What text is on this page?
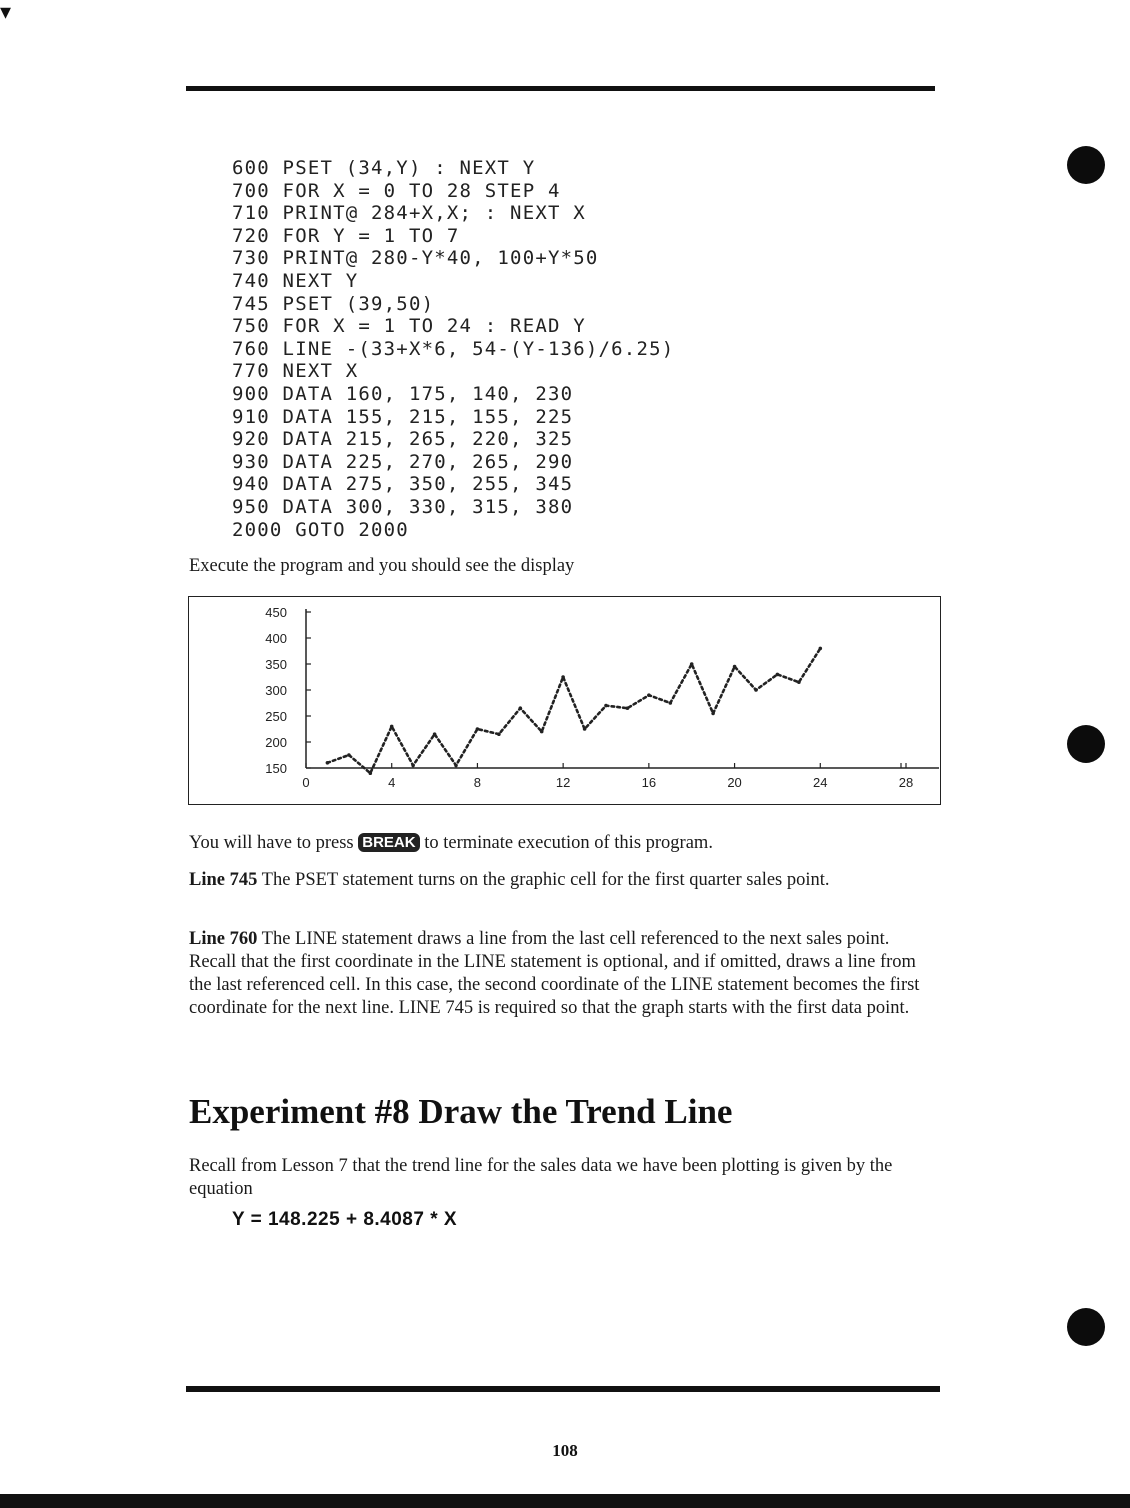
▾
600 PSET (34,Y) : NEXT Y
700 FOR X = 0 TO 28 STEP 4
710 PRINT@ 284+X,X; : NEXT X
720 FOR Y = 1 TO 7
730 PRINT@ 280-Y*40, 100+Y*50
740 NEXT Y
745 PSET (39,50)
750 FOR X = 1 TO 24 : READ Y
760 LINE -(33+X*6, 54-(Y-136)/6.25)
770 NEXT X
900 DATA 160, 175, 140, 230
910 DATA 155, 215, 155, 225
920 DATA 215, 265, 220, 325
930 DATA 225, 270, 265, 290
940 DATA 275, 350, 255, 345
950 DATA 300, 330, 315, 380
2000 GOTO 2000
Execute the program and you should see the display
450
400
350
300
250
200
150
0	4	8	12	16	20	24	28
You will have to press BREAK to terminate execution of this program.
Line 745 The PSET statement turns on the graphic cell for the first quarter sales point.
Line 760 The LINE statement draws a line from the last cell referenced to the next sales point. Recall that the first coordinate in the LINE statement is optional, and if omitted, draws a line from the last referenced cell. In this case, the second coordinate of the LINE statement becomes the first coordinate for the next line. LINE 745 is required so that the graph starts with the first data point.
Experiment #8 Draw the Trend Line
Recall from Lesson 7 that the trend line for the sales data we have been plotting is given by the equation
Y = 148.225 + 8.4087 * X
108
